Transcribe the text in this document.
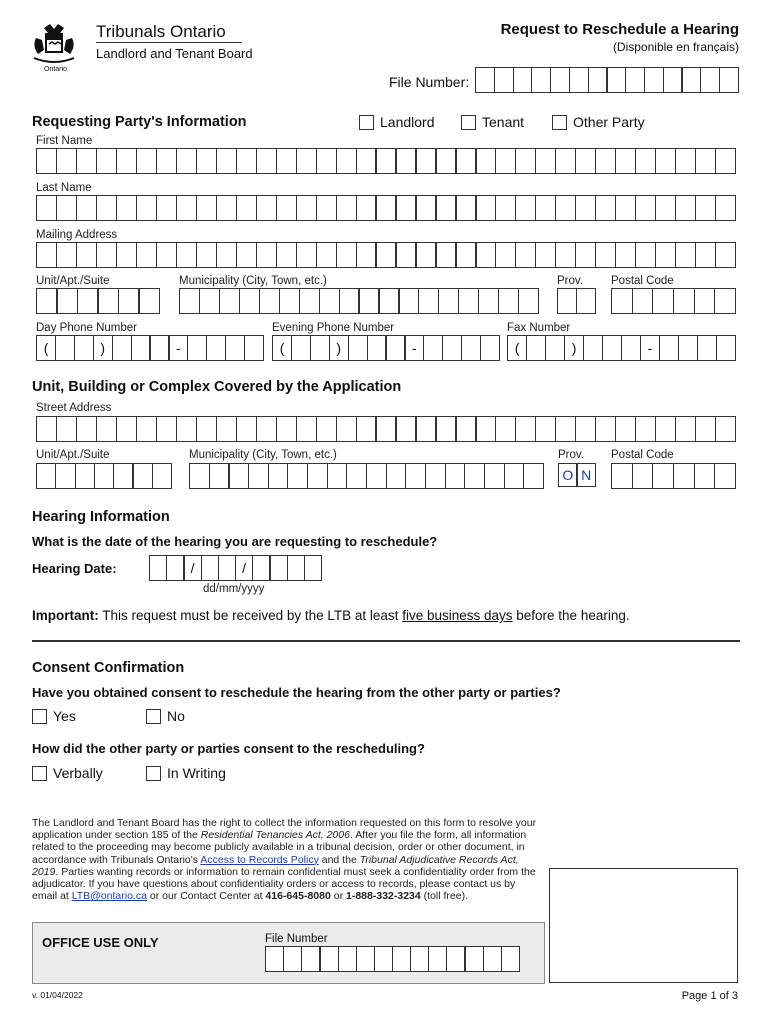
Ontario
Tribunals Ontario
Landlord and Tenant Board
Request to Reschedule a Hearing
(Disponible en français)
File Number:
Requesting Party's Information	Landlord	Tenant	Other Party
First Name
Last Name
Mailing Address
Unit/Apt./Suite	Municipality (City, Town, etc.)	Prov. Postal Code
Day Phone Number	Evening Phone Number	Fax Number
(	)	-	(	)	-	(	)	-
Unit, Building or Complex Covered by the Application
Street Address
Unit/Apt./Suite	Municipality (City, Town, etc.)	Prov. Postal Code
O N
Hearing Information
What is the date of the hearing you are requesting to reschedule?
Hearing Date:	/	/
dd/mm/yyyy
Important: This request must be received by the LTB at least five business days before the hearing.
Consent Confirmation
Have you obtained consent to reschedule the hearing from the other party or parties?
Yes	No
How did the other party or parties consent to the rescheduling?
Verbally	In Writing
The Landlord and Tenant Board has the right to collect the information requested on this form to resolve your application under section 185 of the Residential Tenancies Act, 2006. After you file the form, all information related to the proceeding may become publicly available in a tribunal decision, order or other document, in accordance with Tribunals Ontario's Access to Records Policy and the Tribunal Adjudicative Records Act, 2019. Parties wanting records or information to remain confidential must seek a confidentiality order from the adjudicator. If you have questions about confidentiality orders or access to records, please contact us by email at LTB@ontario.ca or our Contact Center at 416-645-8080 or 1-888-332-3234 (toll free).
OFFICE USE ONLY	File Number
v. 01/04/2022	Page 1 of 3
